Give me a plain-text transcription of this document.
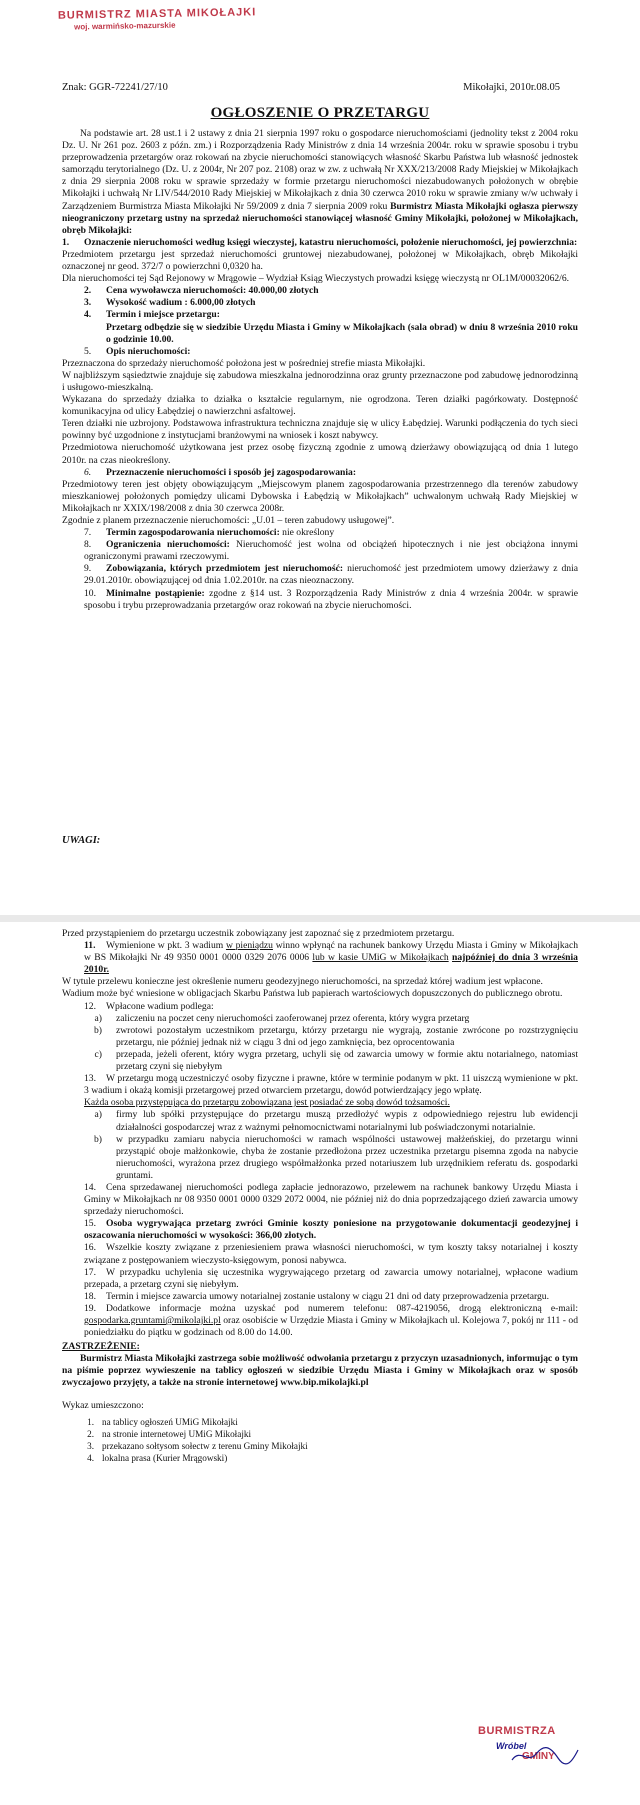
BURMISTRZ MIASTA MIKOŁAJKI
woj. warmińsko-mazurskie
Znak: GGR-72241/27/10	Mikołajki, 2010r.08.05
OGŁOSZENIE O PRZETARGU

Na podstawie art. 28 ust.1 i 2 ustawy z dnia 21 sierpnia 1997 roku o gospodarce nieruchomościami (jednolity tekst z 2004 roku Dz. U. Nr 261 poz. 2603 z późn. zm.) i Rozporządzenia Rady Ministrów z dnia 14 września 2004r. roku w sprawie sposobu i trybu przeprowadzenia przetargów oraz rokowań na zbycie nieruchomości stanowiących własność Skarbu Państwa lub własność jednostek samorządu terytorialnego (Dz. U. z 2004r, Nr 207 poz. 2108) oraz w zw. z uchwałą Nr XXX/213/2008 Rady Miejskiej w Mikołajkach z dnia 29 sierpnia 2008 roku w sprawie sprzedaży w formie przetargu nieruchomości niezabudowanych położonych w obrębie Mikołajki i uchwałą Nr LIV/544/2010 Rady Miejskiej w Mikołajkach z dnia 30 czerwca 2010 roku w sprawie zmiany w/w uchwały i Zarządzeniem Burmistrza Miasta Mikołajki Nr 59/2009 z dnia 7 sierpnia 2009 roku Burmistrz Miasta Mikołajki ogłasza pierwszy nieograniczony przetarg ustny na sprzedaż nieruchomości stanowiącej własność Gminy Mikołajki, położonej w Mikołajkach, obręb Mikołajki:

1. Oznaczenie nieruchomości według księgi wieczystej, katastru nieruchomości, położenie nieruchomości, jej powierzchnia:

Przedmiotem przetargu jest sprzedaż nieruchomości gruntowej niezabudowanej, położonej w Mikołajkach, obręb Mikołajki oznaczonej nr geod. 372/7 o powierzchni 0,0320 ha.

Dla nieruchomości tej Sąd Rejonowy w Mrągowie – Wydział Ksiąg Wieczystych prowadzi księgę wieczystą nr OL1M/00032062/6.

2. Cena wywoławcza nieruchomości: 40.000,00 złotych

3. Wysokość wadium : 6.000,00 złotych

4. Termin i miejsce przetargu:

Przetarg odbędzie się w siedzibie Urzędu Miasta i Gminy w Mikołajkach (sala obrad) w dniu 8 września 2010 roku o godzinie 10.00.

5. Opis nieruchomości:

Przeznaczona do sprzedaży nieruchomość położona jest w pośredniej strefie miasta Mikołajki.

W najbliższym sąsiedztwie znajduje się zabudowa mieszkalna jednorodzinna oraz grunty przeznaczone pod zabudowę jednorodzinną i usługowo-mieszkalną.

Wykazana do sprzedaży działka to działka o kształcie regularnym, nie ogrodzona. Teren działki pagórkowaty. Dostępność komunikacyjna od ulicy Łabędziej o nawierzchni asfaltowej.

Teren działki nie uzbrojony. Podstawowa infrastruktura techniczna znajduje się w ulicy Łabędziej. Warunki podłączenia do tych sieci powinny być uzgodnione z instytucjami branżowymi na wniosek i koszt nabywcy.

Przedmiotowa nieruchomość użytkowana jest przez osobę fizyczną zgodnie z umową dzierżawy obowiązującą od dnia 1 lutego 2010r. na czas nieokreślony.

6. Przeznaczenie nieruchomości i sposób jej zagospodarowania:

Przedmiotowy teren jest objęty obowiązującym „Miejscowym planem zagospodarowania przestrzennego dla terenów zabudowy mieszkaniowej położonych pomiędzy ulicami Dybowska i Łabędzią w Mikołajkach” uchwalonym uchwałą Rady Miejskiej w Mikołajkach nr XXIX/198/2008 z dnia 30 czerwca 2008r.

Zgodnie z planem przeznaczenie nieruchomości: „U.01 – teren zabudowy usługowej”.

7. Termin zagospodarowania nieruchomości: nie określony

8. Ograniczenia nieruchomości: Nieruchomość jest wolna od obciążeń hipotecznych i nie jest obciążona innymi ograniczonymi prawami rzeczowymi.

9. Zobowiązania, których przedmiotem jest nieruchomość: nieruchomość jest przedmiotem umowy dzierżawy z dnia 29.01.2010r. obowiązującej od dnia 1.02.2010r. na czas nieoznaczony.

10. Minimalne postąpienie: zgodne z §14 ust. 3 Rozporządzenia Rady Ministrów z dnia 4 września 2004r. w sprawie sposobu i trybu przeprowadzania przetargów oraz rokowań na zbycie nieruchomości.

UWAGI:

Przed przystąpieniem do przetargu uczestnik zobowiązany jest zapoznać się z przedmiotem przetargu.

11. Wymienione w pkt. 3 wadium w pieniądzu winno wpłynąć na rachunek bankowy Urzędu Miasta i Gminy w Mikołajkach w BS Mikołajki Nr 49 9350 0001 0000 0329 2076 0006 lub w kasie UMiG w Mikołajkach najpóźniej do dnia 3 września 2010r.

W tytule przelewu konieczne jest określenie numeru geodezyjnego nieruchomości, na sprzedaż której wadium jest wpłacone.

Wadium może być wniesione w obligacjach Skarbu Państwa lub papierach wartościowych dopuszczonych do publicznego obrotu.

12. Wpłacone wadium podlega:

a)	zaliczeniu na poczet ceny nieruchomości zaoferowanej przez oferenta, który wygra przetarg
b)	zwrotowi pozostałym uczestnikom przetargu, którzy przetargu nie wygrają, zostanie zwrócone po rozstrzygnięciu przetargu, nie później jednak niż w ciągu 3 dni od jego zamknięcia, bez oprocentowania
c)	przepada, jeżeli oferent, który wygra przetarg, uchyli się od zawarcia umowy w formie aktu notarialnego, natomiast przetarg czyni się niebyłym

13. W przetargu mogą uczestniczyć osoby fizyczne i prawne, które w terminie podanym w pkt. 11 uiszczą wymienione w pkt. 3 wadium i okażą komisji przetargowej przed otwarciem przetargu, dowód potwierdzający jego wpłatę.

Każda osoba przystępująca do przetargu zobowiązana jest posiadać ze sobą dowód tożsamości.

a)	firmy lub spółki przystępujące do przetargu muszą przedłożyć wypis z odpowiedniego rejestru lub ewidencji działalności gospodarczej wraz z ważnymi pełnomocnictwami notarialnymi lub poświadczonymi notarialnie.
b)	w przypadku zamiaru nabycia nieruchomości w ramach wspólności ustawowej małżeńskiej, do przetargu winni przystąpić oboje małżonkowie, chyba że zostanie przedłożona przez uczestnika przetargu pisemna zgoda na nabycie nieruchomości, wyrażona przez drugiego współmałżonka przed notariuszem lub urzędnikiem referatu ds. gospodarki gruntami.

14. Cena sprzedawanej nieruchomości podlega zapłacie jednorazowo, przelewem na rachunek bankowy Urzędu Miasta i Gminy w Mikołajkach nr 08 9350 0001 0000 0329 2072 0004, nie później niż do dnia poprzedzającego dzień zawarcia umowy sprzedaży nieruchomości.

15. Osoba wygrywająca przetarg zwróci Gminie koszty poniesione na przygotowanie dokumentacji geodezyjnej i oszacowania nieruchomości w wysokości: 366,00 złotych.

16. Wszelkie koszty związane z przeniesieniem prawa własności nieruchomości, w tym koszty taksy notarialnej i koszty związane z postępowaniem wieczysto-księgowym, ponosi nabywca.

17. W przypadku uchylenia się uczestnika wygrywającego przetarg od zawarcia umowy notarialnej, wpłacone wadium przepada, a przetarg czyni się niebyłym.

18. Termin i miejsce zawarcia umowy notarialnej zostanie ustalony w ciągu 21 dni od daty przeprowadzenia przetargu.

19. Dodatkowe informacje można uzyskać pod numerem telefonu: 087-4219056, drogą elektroniczną e-mail: gospodarka.gruntami@mikolajki.pl oraz osobiście w Urzędzie Miasta i Gminy w Mikołajkach ul. Kolejowa 7, pokój nr 111 - od poniedziałku do piątku w godzinach od 8.00 do 14.00.

ZASTRZEŻENIE:

Burmistrz Miasta Mikołajki zastrzega sobie możliwość odwołania przetargu z przyczyn uzasadnionych, informując o tym na piśmie poprzez wywieszenie na tablicy ogłoszeń w siedzibie Urzędu Miasta i Gminy w Mikołajkach oraz w sposób zwyczajowo przyjęty, a także na stronie internetowej www.bip.mikolajki.pl

Wykaz umieszczono:

1. na tablicy ogłoszeń UMiG Mikołajki
2. na stronie internetowej UMiG Mikołajki
3. przekazano sołtysom sołectw z terenu Gminy Mikołajki
4. lokalna prasa (Kurier Mrągowski)
BURMISTRZA
Wróbel
GMINY
